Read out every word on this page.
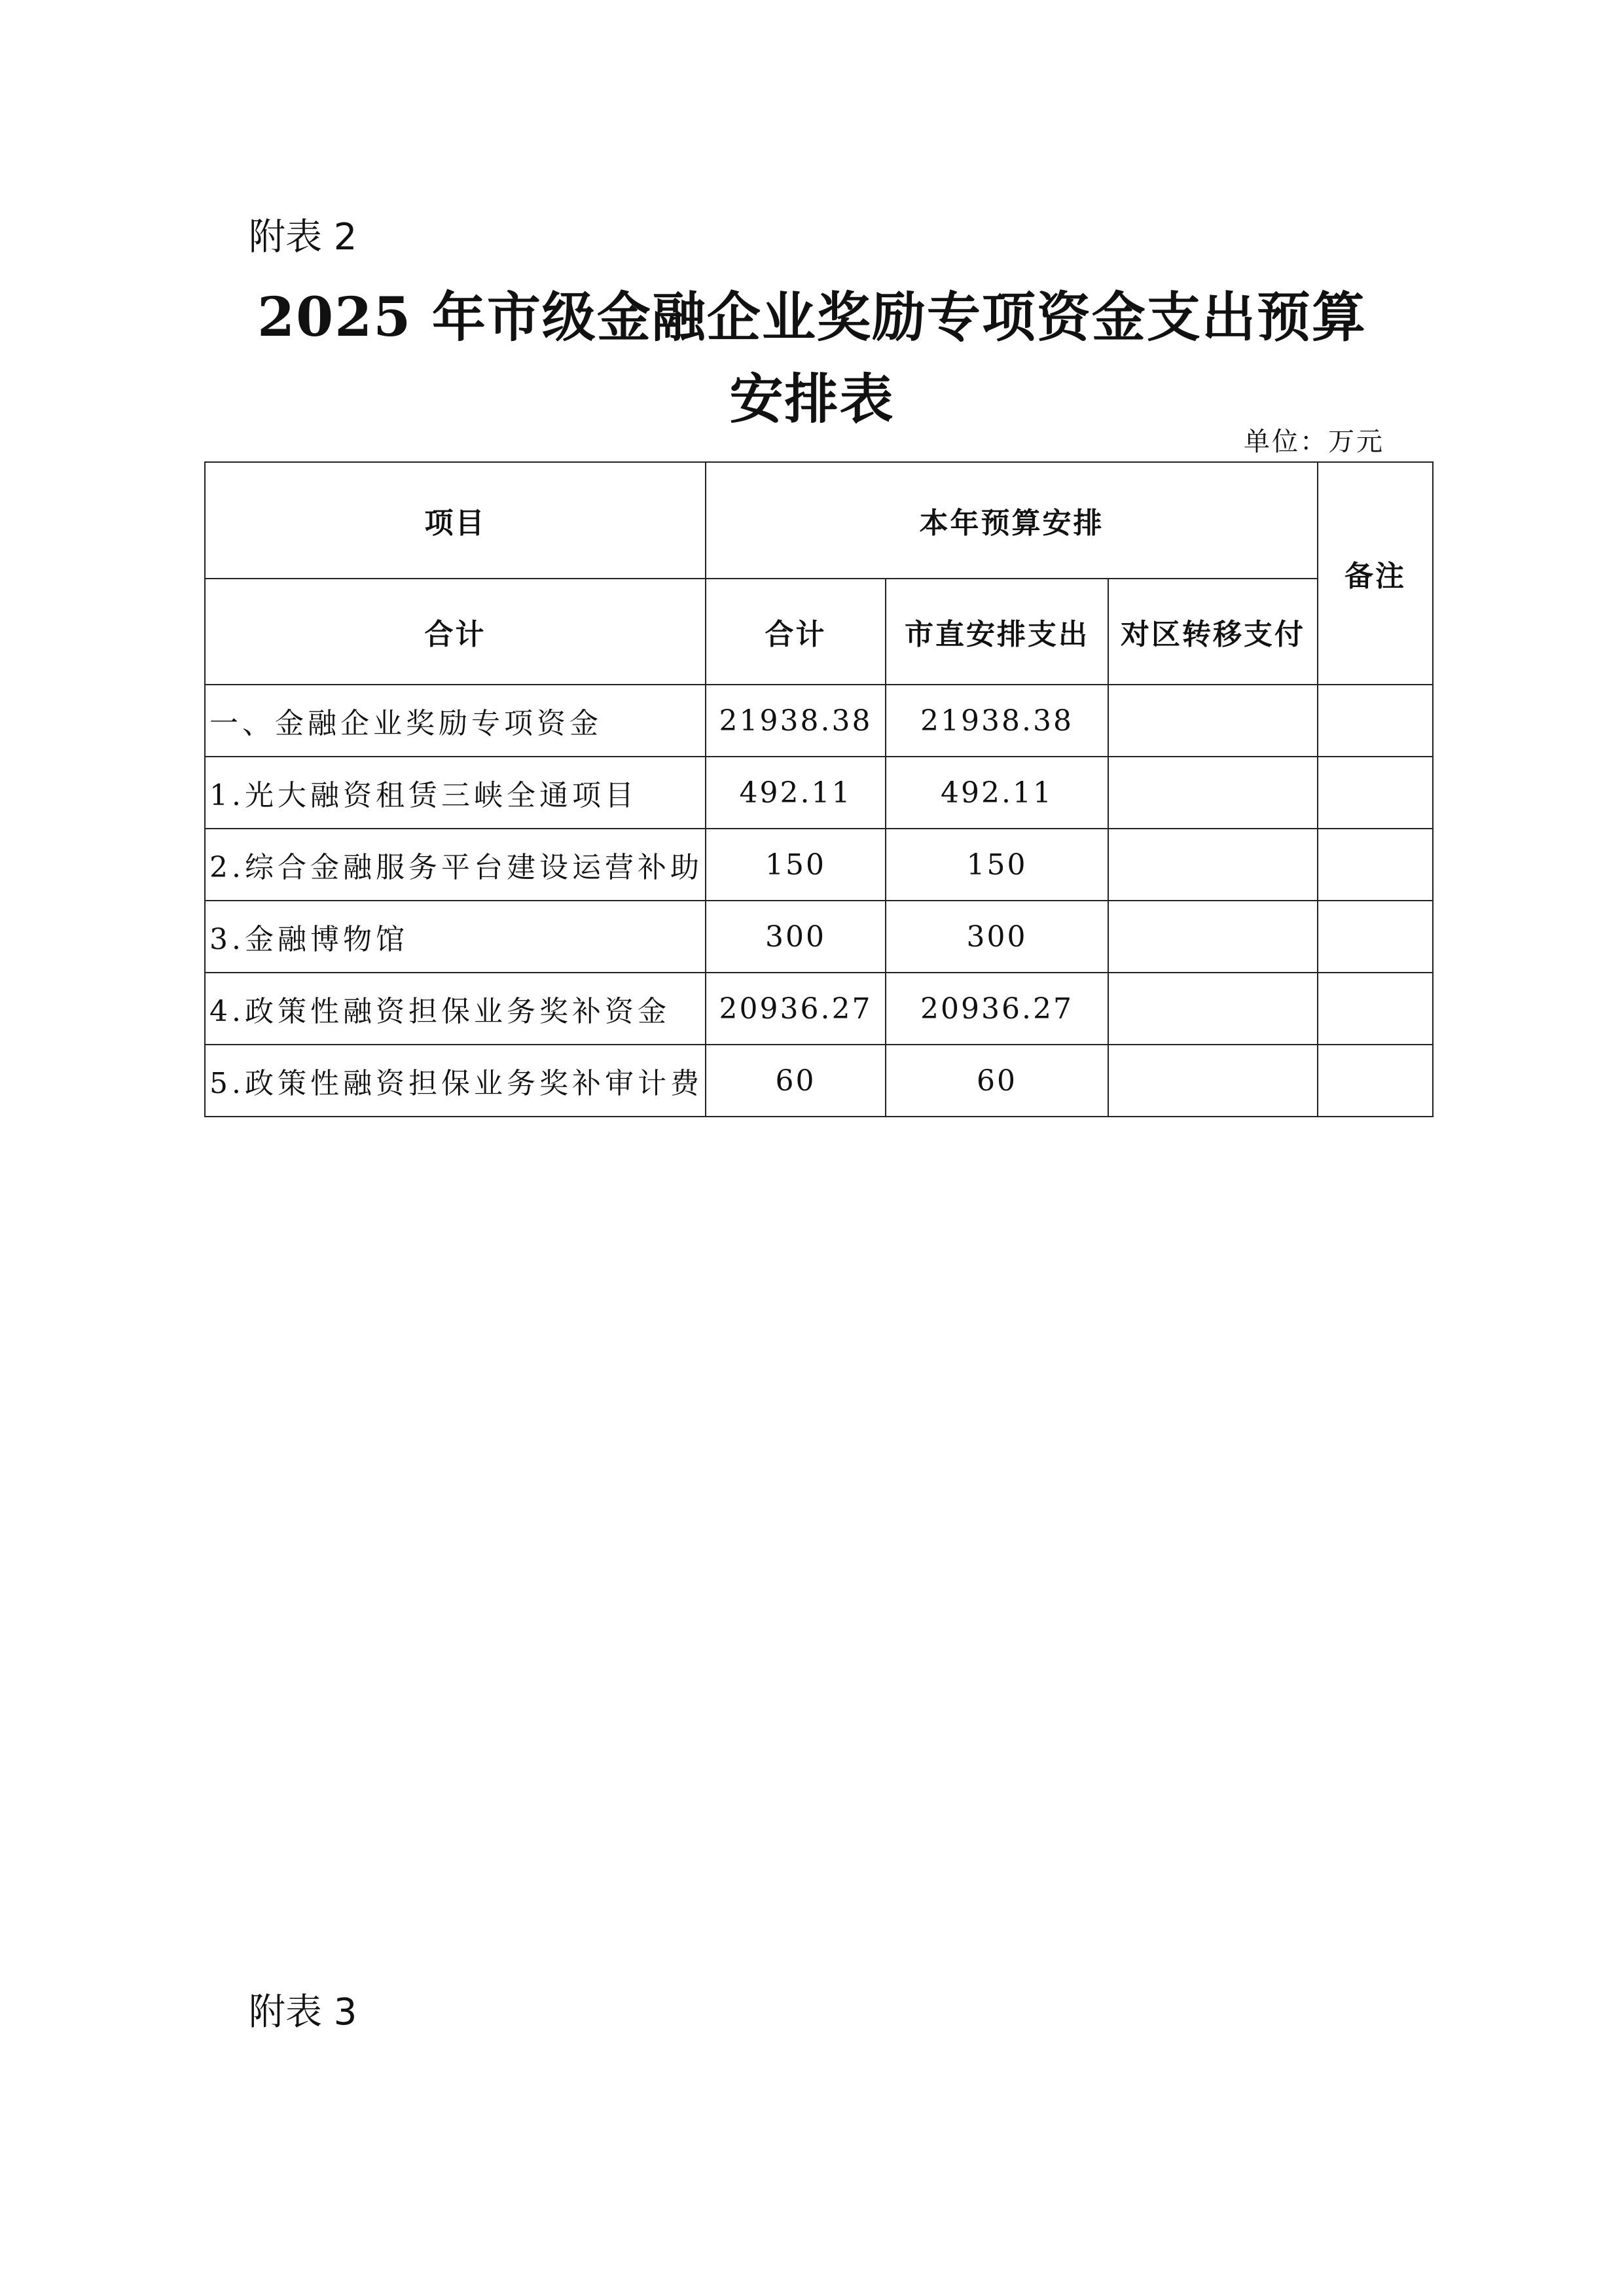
附表 2
2025 年市级金融企业奖励专项资金支出预算
安排表
单位：万元
项目	本年预算安排			备注
合计	合计	市直安排支出	对区转移支付	
一、金融企业奖励专项资金	21938.38	21938.38		
1.光大融资租赁三峡全通项目	492.11	492.11		
2.综合金融服务平台建设运营补助	150	150		
3.金融博物馆	300	300		
4.政策性融资担保业务奖补资金	20936.27	20936.27		
5.政策性融资担保业务奖补审计费	60	60		
附表 3
